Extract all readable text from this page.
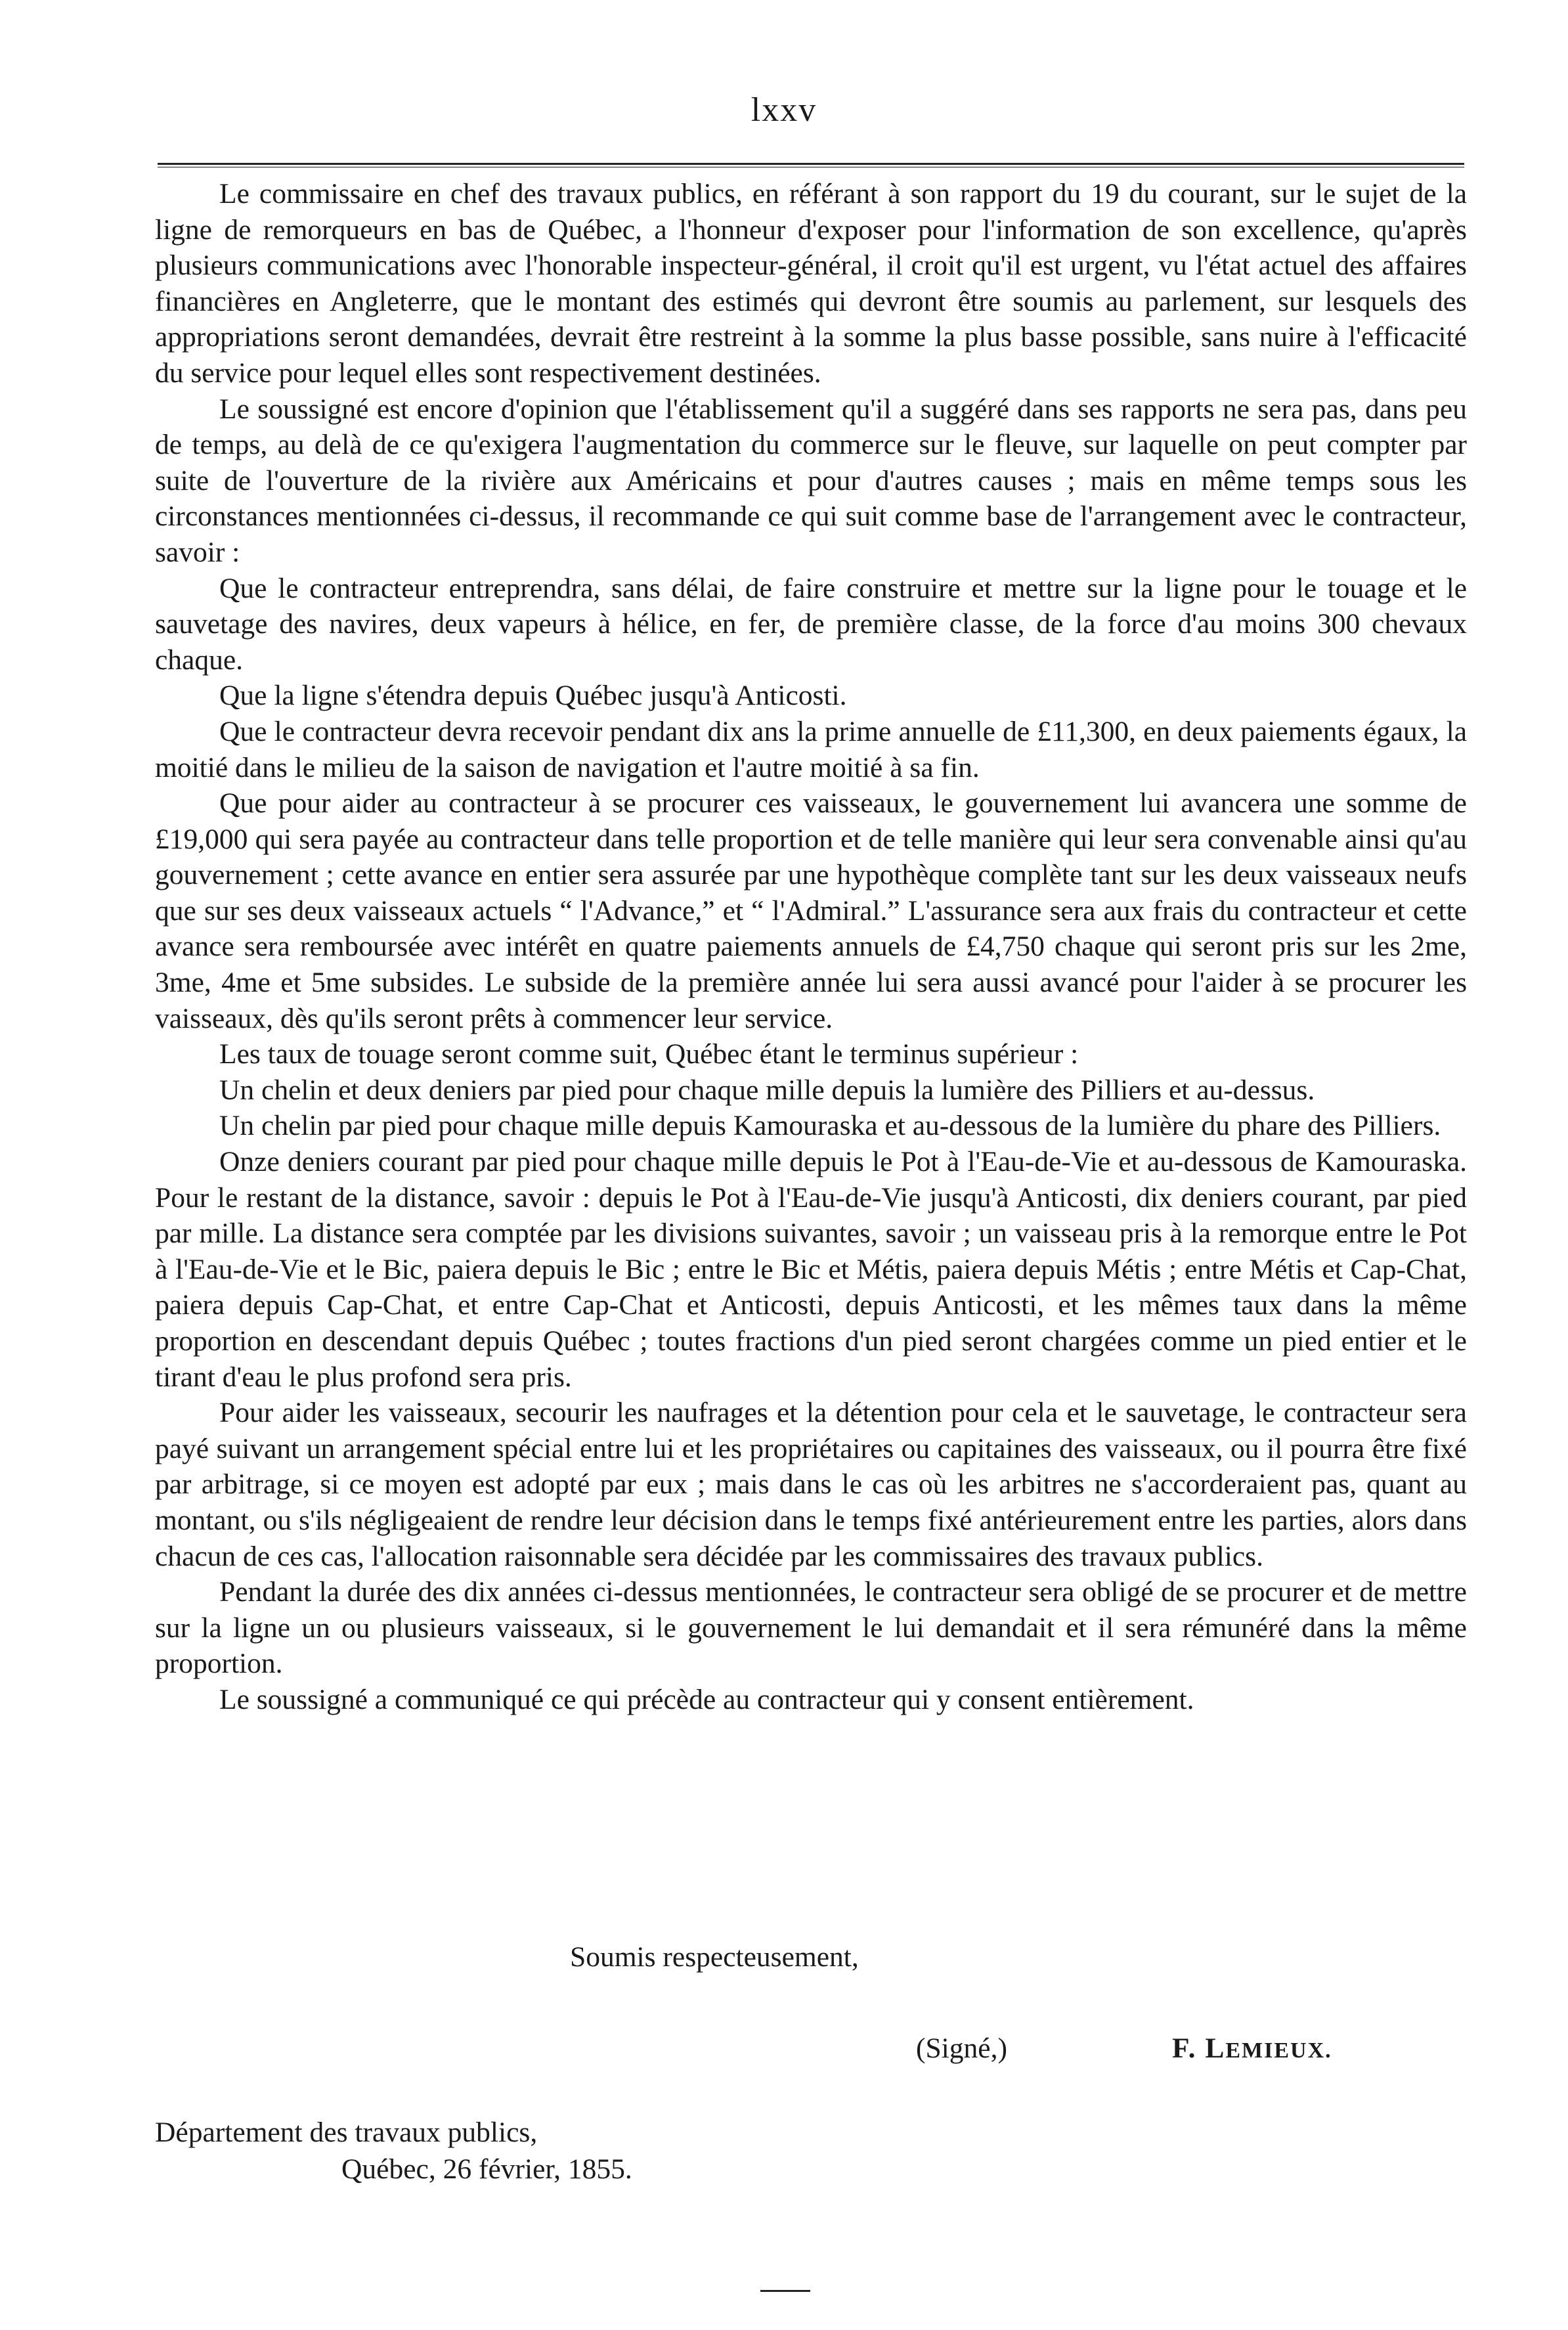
lxxv

Le commissaire en chef des travaux publics, en référant à son rapport du 19 du courant, sur le sujet de la ligne de remorqueurs en bas de Québec, a l'honneur d'exposer pour l'information de son excellence, qu'après plusieurs communications avec l'honorable inspecteur-général, il croit qu'il est urgent, vu l'état actuel des affaires financières en Angleterre, que le montant des estimés qui devront être soumis au parlement, sur lesquels des appropriations seront demandées, devrait être restreint à la somme la plus basse possible, sans nuire à l'efficacité du service pour lequel elles sont respectivement destinées.

Le soussigné est encore d'opinion que l'établissement qu'il a suggéré dans ses rapports ne sera pas, dans peu de temps, au delà de ce qu'exigera l'augmentation du commerce sur le fleuve, sur laquelle on peut compter par suite de l'ouverture de la rivière aux Américains et pour d'autres causes ; mais en même temps sous les circonstances mentionnées ci-dessus, il recommande ce qui suit comme base de l'arrangement avec le contracteur, savoir :

Que le contracteur entreprendra, sans délai, de faire construire et mettre sur la ligne pour le touage et le sauvetage des navires, deux vapeurs à hélice, en fer, de première classe, de la force d'au moins 300 chevaux chaque.

Que la ligne s'étendra depuis Québec jusqu'à Anticosti.

Que le contracteur devra recevoir pendant dix ans la prime annuelle de £11,300, en deux paiements égaux, la moitié dans le milieu de la saison de navigation et l'autre moitié à sa fin.

Que pour aider au contracteur à se procurer ces vaisseaux, le gouvernement lui avancera une somme de £19,000 qui sera payée au contracteur dans telle proportion et de telle manière qui leur sera convenable ainsi qu'au gouvernement ; cette avance en entier sera assurée par une hypothèque complète tant sur les deux vaisseaux neufs que sur ses deux vaisseaux actuels “ l'Advance,” et “ l'Admiral.” L'assurance sera aux frais du contracteur et cette avance sera remboursée avec intérêt en quatre paiements annuels de £4,750 chaque qui seront pris sur les 2me, 3me, 4me et 5me subsides. Le subside de la première année lui sera aussi avancé pour l'aider à se procurer les vaisseaux, dès qu'ils seront prêts à commencer leur service.

Les taux de touage seront comme suit, Québec étant le terminus supérieur :

Un chelin et deux deniers par pied pour chaque mille depuis la lumière des Pilliers et au-dessus.

Un chelin par pied pour chaque mille depuis Kamouraska et au-dessous de la lumière du phare des Pilliers.

Onze deniers courant par pied pour chaque mille depuis le Pot à l'Eau-de-Vie et au-dessous de Kamouraska. Pour le restant de la distance, savoir : depuis le Pot à l'Eau-de-Vie jusqu'à Anticosti, dix deniers courant, par pied par mille. La distance sera comptée par les divisions suivantes, savoir ; un vaisseau pris à la remorque entre le Pot à l'Eau-de-Vie et le Bic, paiera depuis le Bic ; entre le Bic et Métis, paiera depuis Métis ; entre Métis et Cap-Chat, paiera depuis Cap-Chat, et entre Cap-Chat et Anticosti, depuis Anticosti, et les mêmes taux dans la même proportion en descendant depuis Québec ; toutes fractions d'un pied seront chargées comme un pied entier et le tirant d'eau le plus profond sera pris.

Pour aider les vaisseaux, secourir les naufrages et la détention pour cela et le sauvetage, le contracteur sera payé suivant un arrangement spécial entre lui et les propriétaires ou capitaines des vaisseaux, ou il pourra être fixé par arbitrage, si ce moyen est adopté par eux ; mais dans le cas où les arbitres ne s'accorderaient pas, quant au montant, ou s'ils négligeaient de rendre leur décision dans le temps fixé antérieurement entre les parties, alors dans chacun de ces cas, l'allocation raisonnable sera décidée par les commissaires des travaux publics.

Pendant la durée des dix années ci-dessus mentionnées, le contracteur sera obligé de se procurer et de mettre sur la ligne un ou plusieurs vaisseaux, si le gouvernement le lui demandait et il sera rémunéré dans la même proportion.

Le soussigné a communiqué ce qui précède au contracteur qui y consent entièrement.

Soumis respecteusement,
(Signé,)	F. LEMIEUX.
Département des travaux publics,
Québec, 26 février, 1855.
